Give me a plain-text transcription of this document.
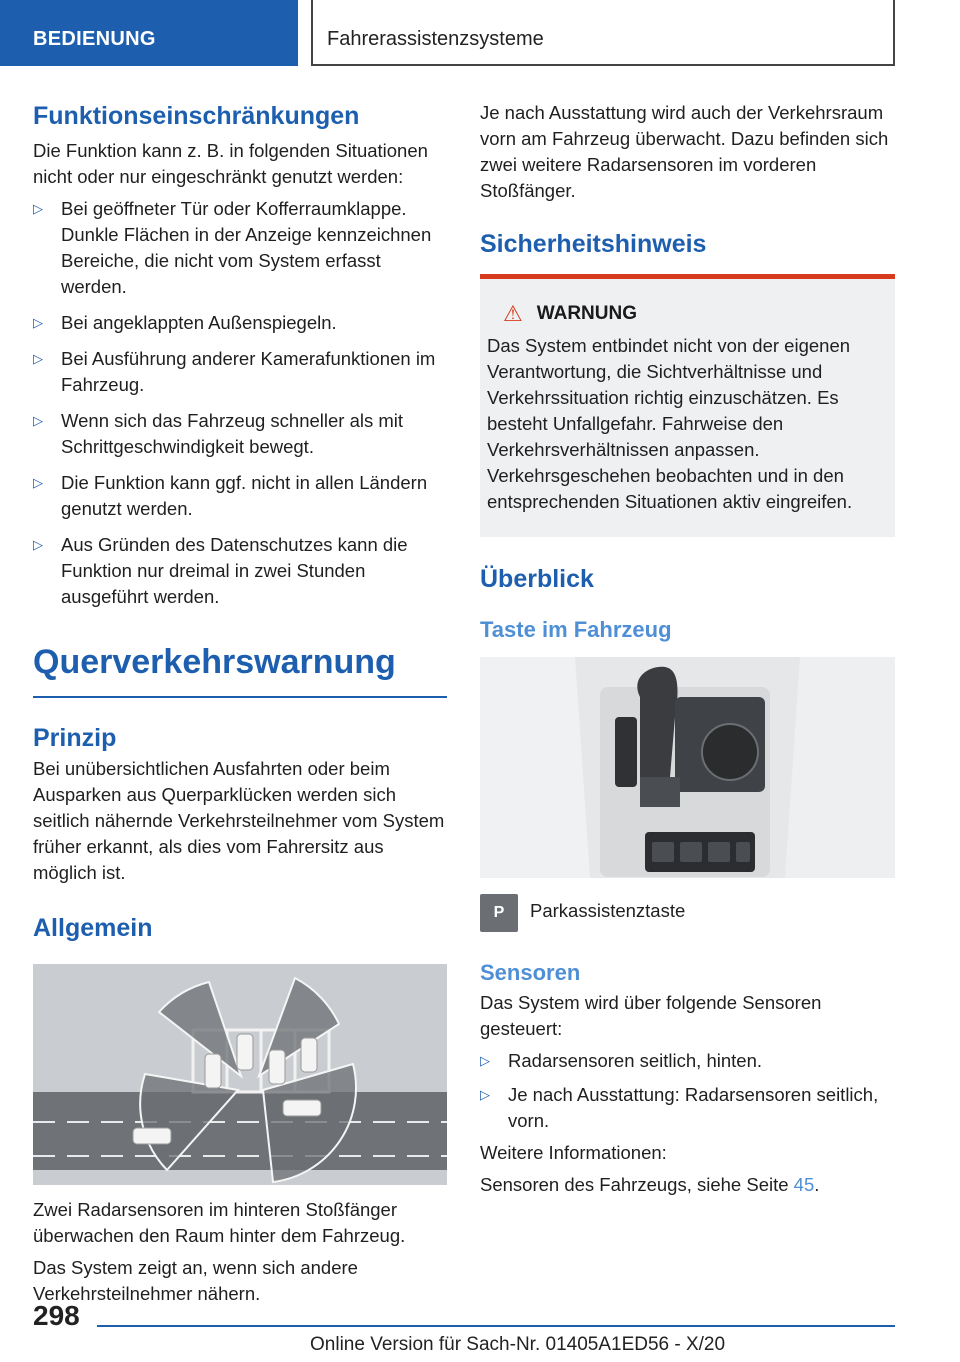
BEDIENUNG	Fahrerassistenzsysteme
Funktionseinschränkungen

Die Funktion kann z. B. in folgenden Situationen nicht oder nur eingeschränkt genutzt werden:

▷ Bei geöffneter Tür oder Kofferraumklappe. Dunkle Flächen in der Anzeige kennzeichnen Bereiche, die nicht vom System erfasst werden.
▷ Bei angeklappten Außenspiegeln.
▷ Bei Ausführung anderer Kamerafunktionen im Fahrzeug.
▷ Wenn sich das Fahrzeug schneller als mit Schrittgeschwindigkeit bewegt.
▷ Die Funktion kann ggf. nicht in allen Ländern genutzt werden.
▷ Aus Gründen des Datenschutzes kann die Funktion nur dreimal in zwei Stunden ausgeführt werden.
Querverkehrswarnung
Prinzip

Bei unübersichtlichen Ausfahrten oder beim Ausparken aus Querparklücken werden sich seitlich nähernde Verkehrsteilnehmer vom System früher erkannt, als dies vom Fahrersitz aus möglich ist.

Allgemein

Zwei Radarsensoren im hinteren Stoßfänger überwachen den Raum hinter dem Fahrzeug.

Das System zeigt an, wenn sich andere Verkehrsteilnehmer nähern.

Je nach Ausstattung wird auch der Verkehrsraum vorn am Fahrzeug überwacht. Dazu befinden sich zwei weitere Radarsensoren im vorderen Stoßfänger.

Sicherheitshinweis
⚠ WARNUNG

Das System entbindet nicht von der eigenen Verantwortung, die Sichtverhältnisse und Verkehrssituation richtig einzuschätzen. Es besteht Unfallgefahr. Fahrweise den Verkehrsverhältnissen anpassen. Verkehrsgeschehen beobachten und in den entsprechenden Situationen aktiv eingreifen.

Überblick
Taste im Fahrzeug
P	Parkassistenztaste

Sensoren

Das System wird über folgende Sensoren gesteuert:

▷ Radarsensoren seitlich, hinten.
▷ Je nach Ausstattung: Radarsensoren seitlich, vorn.

Weitere Informationen:

Sensoren des Fahrzeugs, siehe Seite 45.

298
Online Version für Sach-Nr. 01405A1ED56 - X/20
